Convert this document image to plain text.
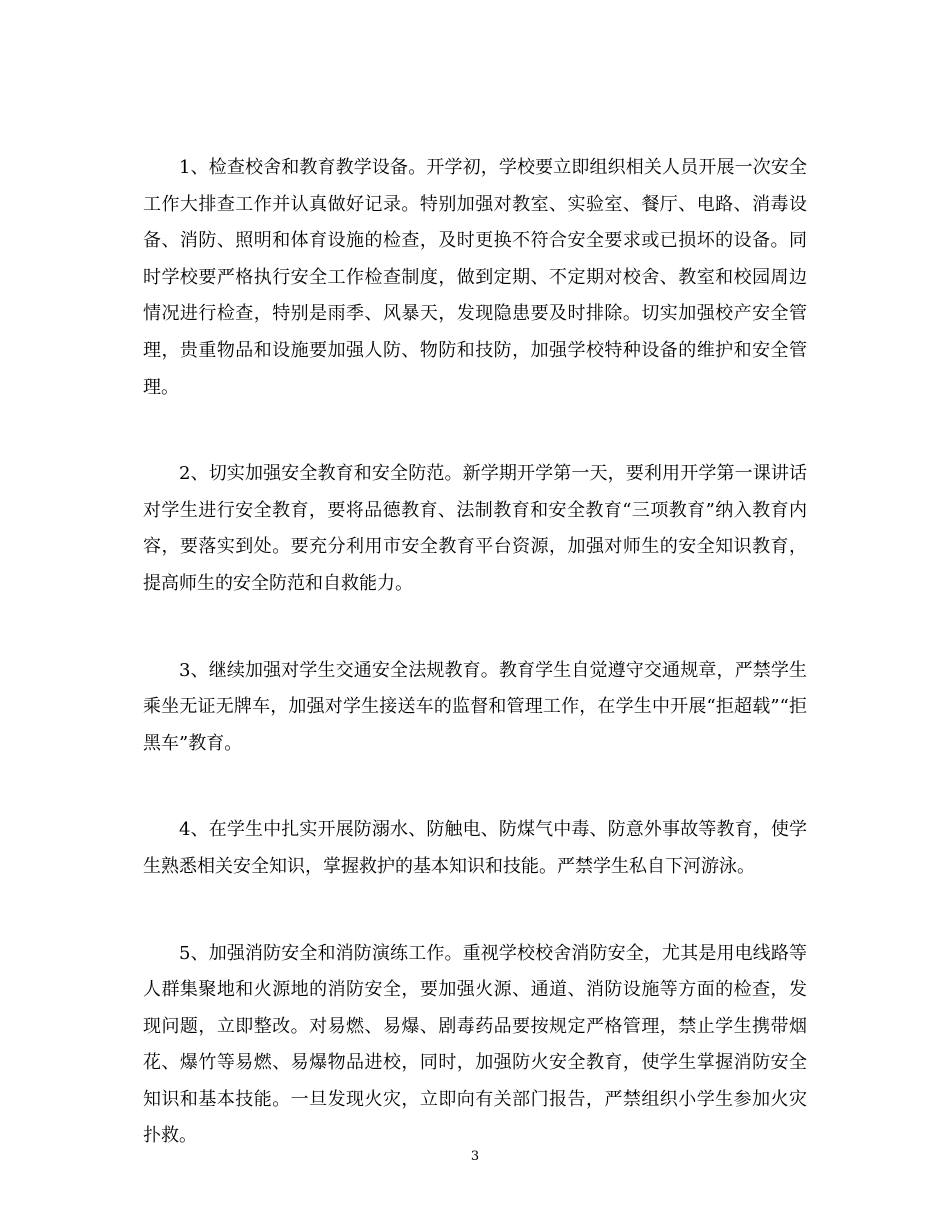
1、检查校舍和教育教学设备。开学初，学校要立即组织相关人员开展一次安全工作大排查工作并认真做好记录。特别加强对教室、实验室、餐厅、电路、消毒设备、消防、照明和体育设施的检查，及时更换不符合安全要求或已损坏的设备。同时学校要严格执行安全工作检查制度，做到定期、不定期对校舍、教室和校园周边情况进行检查，特别是雨季、风暴天，发现隐患要及时排除。切实加强校产安全管理，贵重物品和设施要加强人防、物防和技防，加强学校特种设备的维护和安全管理。

2、切实加强安全教育和安全防范。新学期开学第一天，要利用开学第一课讲话对学生进行安全教育，要将品德教育、法制教育和安全教育“三项教育”纳入教育内容，要落实到处。要充分利用市安全教育平台资源，加强对师生的安全知识教育，提高师生的安全防范和自救能力。

3、继续加强对学生交通安全法规教育。教育学生自觉遵守交通规章，严禁学生乘坐无证无牌车，加强对学生接送车的监督和管理工作，在学生中开展“拒超载”“拒黑车”教育。

4、在学生中扎实开展防溺水、防触电、防煤气中毒、防意外事故等教育，使学生熟悉相关安全知识，掌握救护的基本知识和技能。严禁学生私自下河游泳。

5、加强消防安全和消防演练工作。重视学校校舍消防安全，尤其是用电线路等人群集聚地和火源地的消防安全，要加强火源、通道、消防设施等方面的检查，发现问题，立即整改。对易燃、易爆、剧毒药品要按规定严格管理，禁止学生携带烟花、爆竹等易燃、易爆物品进校，同时，加强防火安全教育，使学生掌握消防安全知识和基本技能。一旦发现火灾，立即向有关部门报告，严禁组织小学生参加火灾扑救。

3
